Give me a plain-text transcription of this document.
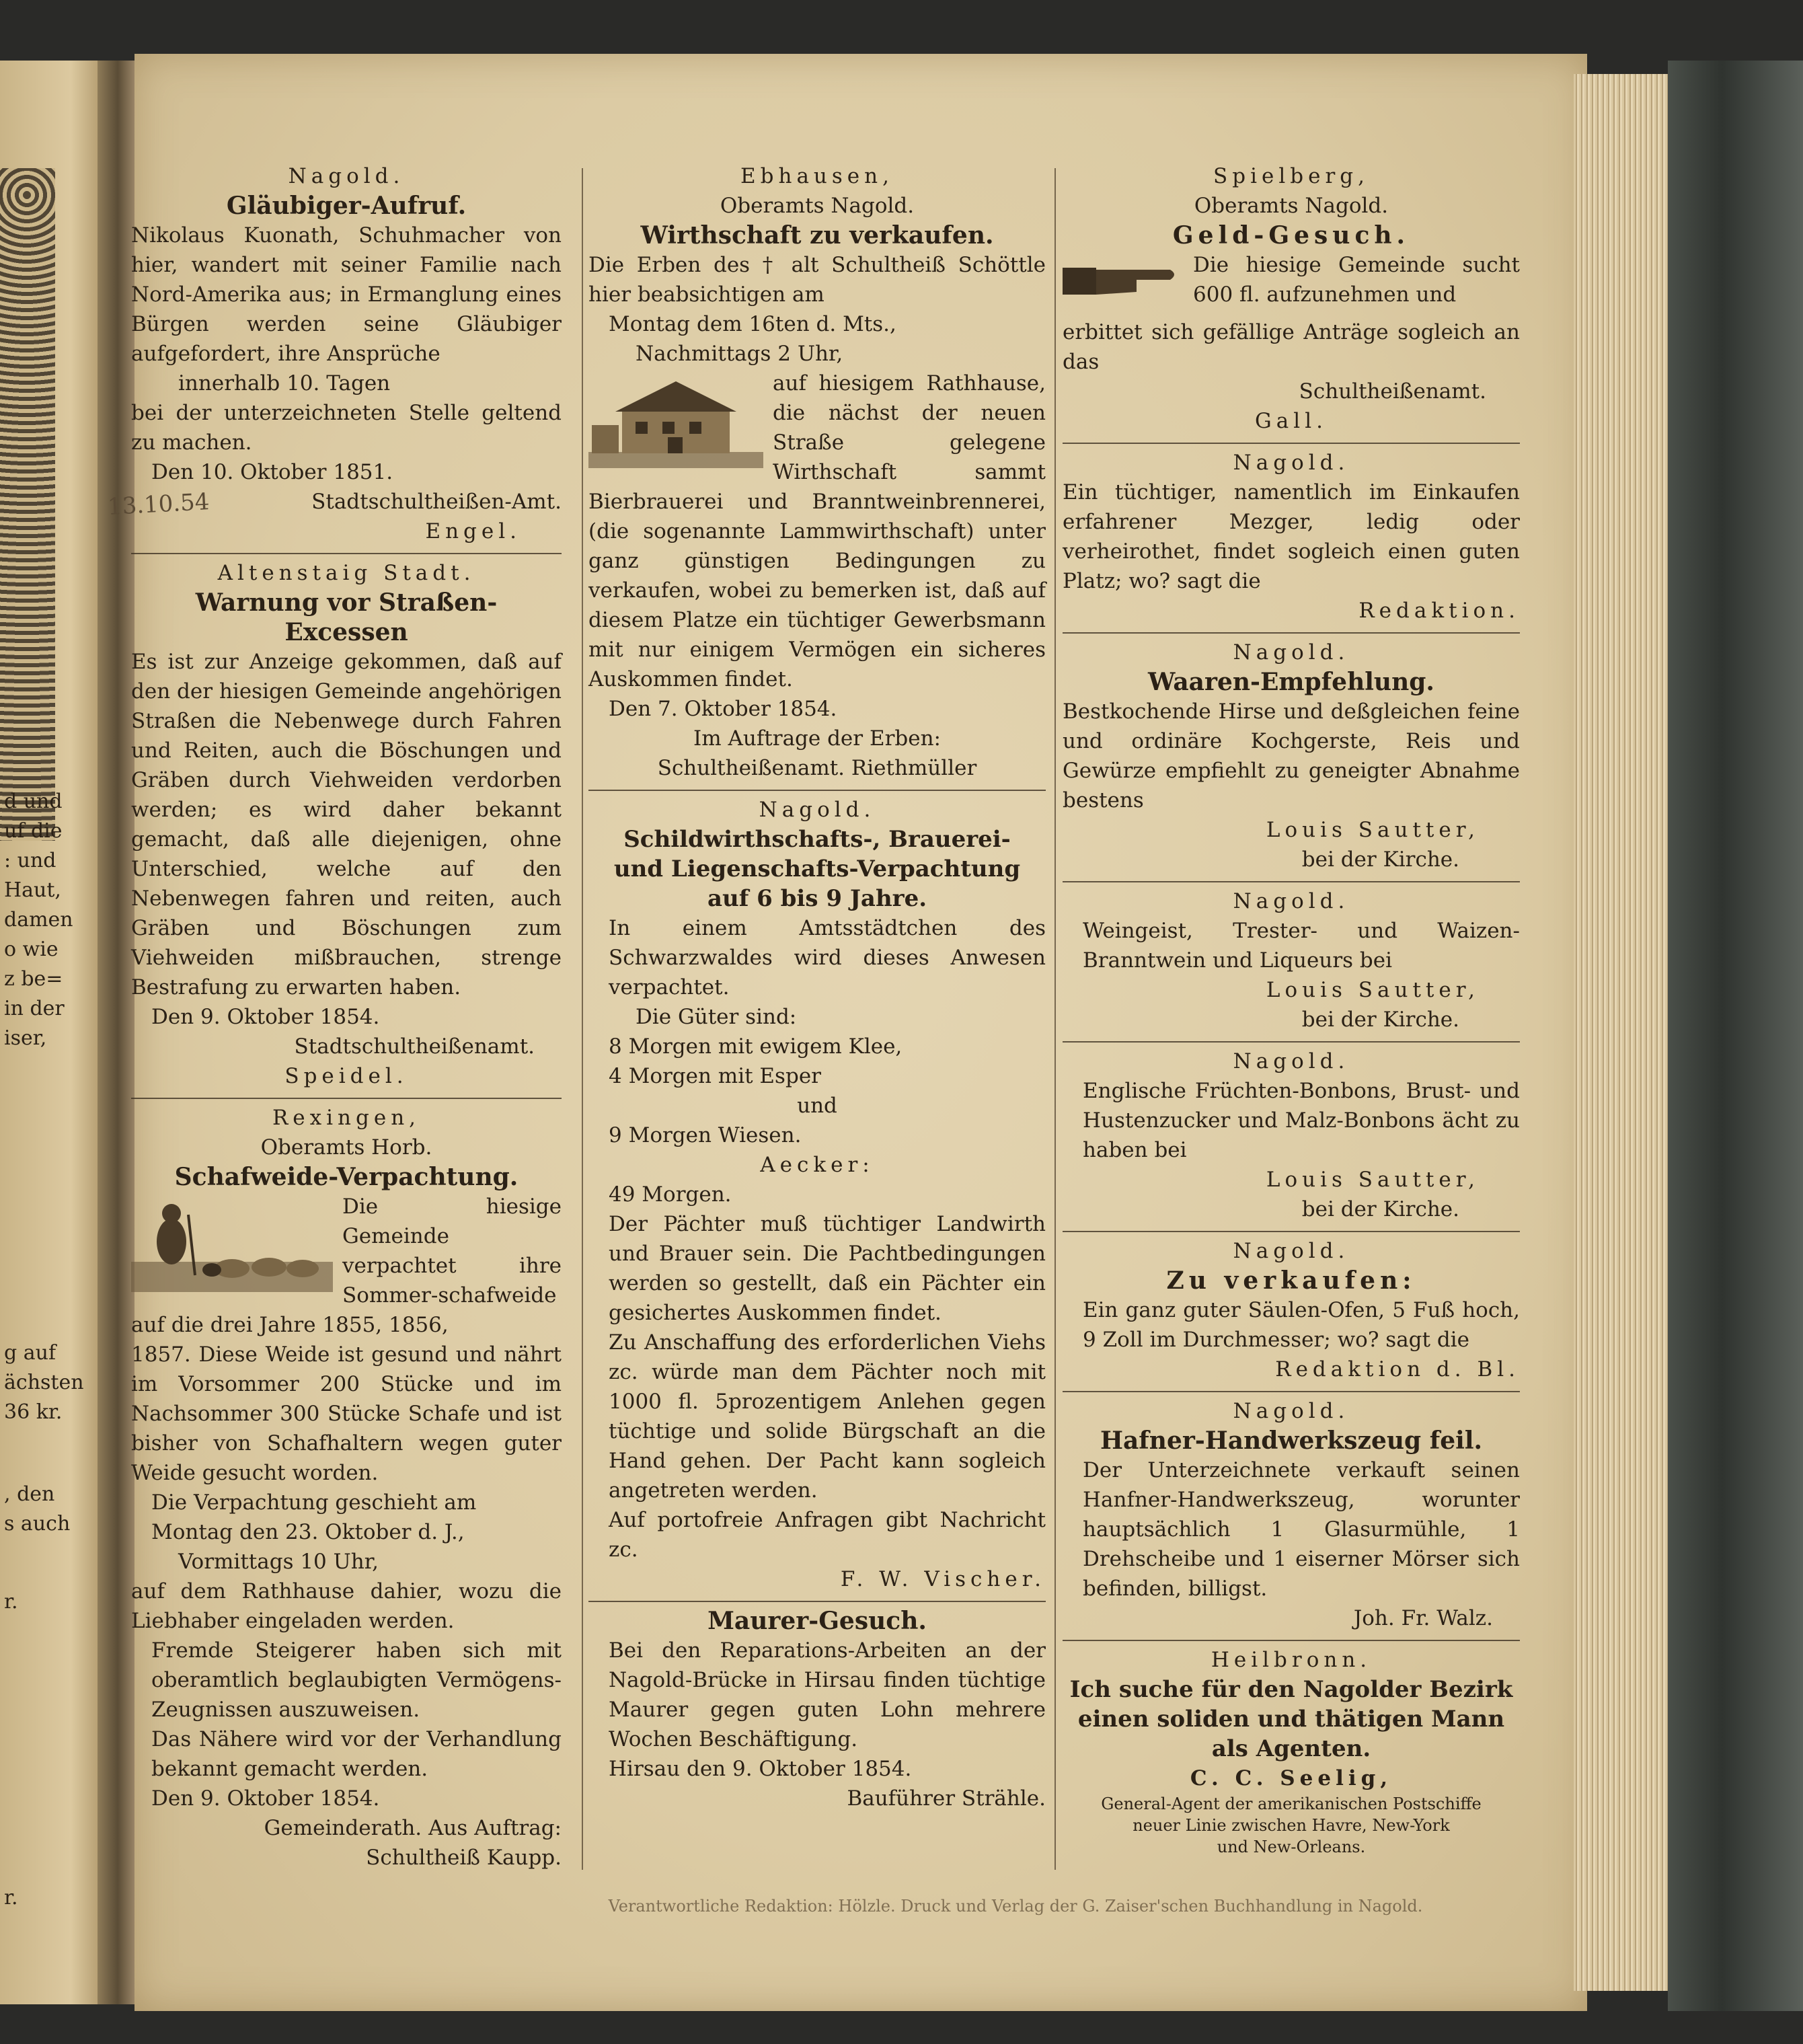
d und
uf die
: und
Haut,
damen
o wie
z be=
in der
iser,
g auf
ächsten
36 kr.
, den
s auch
r.
r.
13.10.54

Nagold.

Gläubiger-Aufruf.

Nikolaus Kuonath, Schuhmacher von hier, wandert mit seiner Familie nach Nord-Amerika aus; in Ermanglung eines Bürgen werden seine Gläubiger aufgefordert, ihre Ansprüche

innerhalb 10. Tagen

bei der unterzeichneten Stelle geltend zu machen.

Den 10. Oktober 1851.

Stadtschultheißen-Amt.

Engel.

Altenstaig Stadt.

Warnung vor Straßen-

Excessen

Es ist zur Anzeige gekommen, daß auf den der hiesigen Gemeinde angehörigen Straßen die Nebenwege durch Fahren und Reiten, auch die Böschungen und Gräben durch Viehweiden verdorben werden; es wird daher bekannt gemacht, daß alle diejenigen, ohne Unterschied, welche auf den Nebenwegen fahren und reiten, auch Gräben und Böschungen zum Viehweiden mißbrauchen, strenge Bestrafung zu erwarten haben.

Den 9. Oktober 1854.

Stadtschultheißenamt.

Speidel.

Rexingen,

Oberamts Horb.

Schafweide-Verpachtung.

Die hiesige Gemeinde verpachtet ihre Sommer-schafweide auf die drei Jahre 1855, 1856,

1857. Diese Weide ist gesund und nährt im Vorsommer 200 Stücke und im Nachsommer 300 Stücke Schafe und ist bisher von Schafhaltern wegen guter Weide gesucht worden.

Die Verpachtung geschieht am

Montag den 23. Oktober d. J.,

Vormittags 10 Uhr,

auf dem Rathhause dahier, wozu die Liebhaber eingeladen werden.

Fremde Steigerer haben sich mit oberamtlich beglaubigten Vermögens-Zeugnissen auszuweisen.

Das Nähere wird vor der Verhandlung bekannt gemacht werden.

Den 9. Oktober 1854.

Gemeinderath. Aus Auftrag:

Schultheiß Kaupp.

Ebhausen,

Oberamts Nagold.

Wirthschaft zu verkaufen.

Die Erben des † alt Schultheiß Schöttle hier beabsichtigen am

Montag dem 16ten d. Mts.,

Nachmittags 2 Uhr,

auf hiesigem Rathhause, die nächst der neuen Straße gelegene Wirthschaft sammt Bierbrauerei und Branntweinbrennerei, (die sogenannte Lammwirthschaft) unter ganz günstigen Bedingungen zu verkaufen, wobei zu bemerken ist, daß auf diesem Platze ein tüchtiger Gewerbsmann mit nur einigem Vermögen ein sicheres Auskommen findet.

Den 7. Oktober 1854.

Im Auftrage der Erben:

Schultheißenamt. Riethmüller

Nagold.

Schildwirthschafts-, Brauerei-

und Liegenschafts-Verpachtung

auf 6 bis 9 Jahre.

In einem Amtsstädtchen des Schwarzwaldes wird dieses Anwesen verpachtet.

Die Güter sind:

8 Morgen mit ewigem Klee,

4 Morgen mit Esper

und

9 Morgen Wiesen.

Aecker:

49 Morgen.

Der Pächter muß tüchtiger Landwirth und Brauer sein. Die Pachtbedingungen werden so gestellt, daß ein Pächter ein gesichertes Auskommen findet.

Zu Anschaffung des erforderlichen Viehs zc. würde man dem Pächter noch mit 1000 fl. 5prozentigem Anlehen gegen tüchtige und solide Bürgschaft an die Hand gehen. Der Pacht kann sogleich angetreten werden.

Auf portofreie Anfragen gibt Nachricht zc.

F. W. Vischer.

Maurer-Gesuch.

Bei den Reparations-Arbeiten an der Nagold-Brücke in Hirsau finden tüchtige Maurer gegen guten Lohn mehrere Wochen Beschäftigung.

Hirsau den 9. Oktober 1854.

Bauführer Strähle.

Spielberg,

Oberamts Nagold.

Geld-Gesuch.

Die hiesige Gemeinde sucht 600 fl. aufzunehmen und

erbittet sich gefällige Anträge sogleich an das

Schultheißenamt.

Gall.

Nagold.

Ein tüchtiger, namentlich im Einkaufen erfahrener Mezger, ledig oder verheirothet, findet sogleich einen guten Platz; wo? sagt die

Redaktion.

Nagold.

Waaren-Empfehlung.

Bestkochende Hirse und deßgleichen feine und ordinäre Kochgerste, Reis und Gewürze empfiehlt zu geneigter Abnahme bestens

Louis Sautter,

bei der Kirche.

Nagold.

Weingeist, Trester- und Waizen-Branntwein und Liqueurs bei

Louis Sautter,

bei der Kirche.

Nagold.

Englische Früchten-Bonbons, Brust- und Hustenzucker und Malz-Bonbons ächt zu haben bei

Louis Sautter,

bei der Kirche.

Nagold.

Zu verkaufen:

Ein ganz guter Säulen-Ofen, 5 Fuß hoch, 9 Zoll im Durchmesser; wo? sagt die

Redaktion d. Bl.

Nagold.

Hafner-Handwerkszeug feil.

Der Unterzeichnete verkauft seinen Hanfner-Handwerkszeug, worunter hauptsächlich 1 Glasurmühle, 1 Drehscheibe und 1 eiserner Mörser sich befinden, billigst.

Joh. Fr. Walz.

Heilbronn.

Ich suche für den Nagolder Bezirk einen soliden und thätigen Mann als Agenten.

C. C. Seelig,

General-Agent der amerikanischen Postschiffe

neuer Linie zwischen Havre, New-York

und New-Orleans.

Verantwortliche Redaktion: Hölzle. Druck und Verlag der G. Zaiser'schen Buchhandlung in Nagold.
